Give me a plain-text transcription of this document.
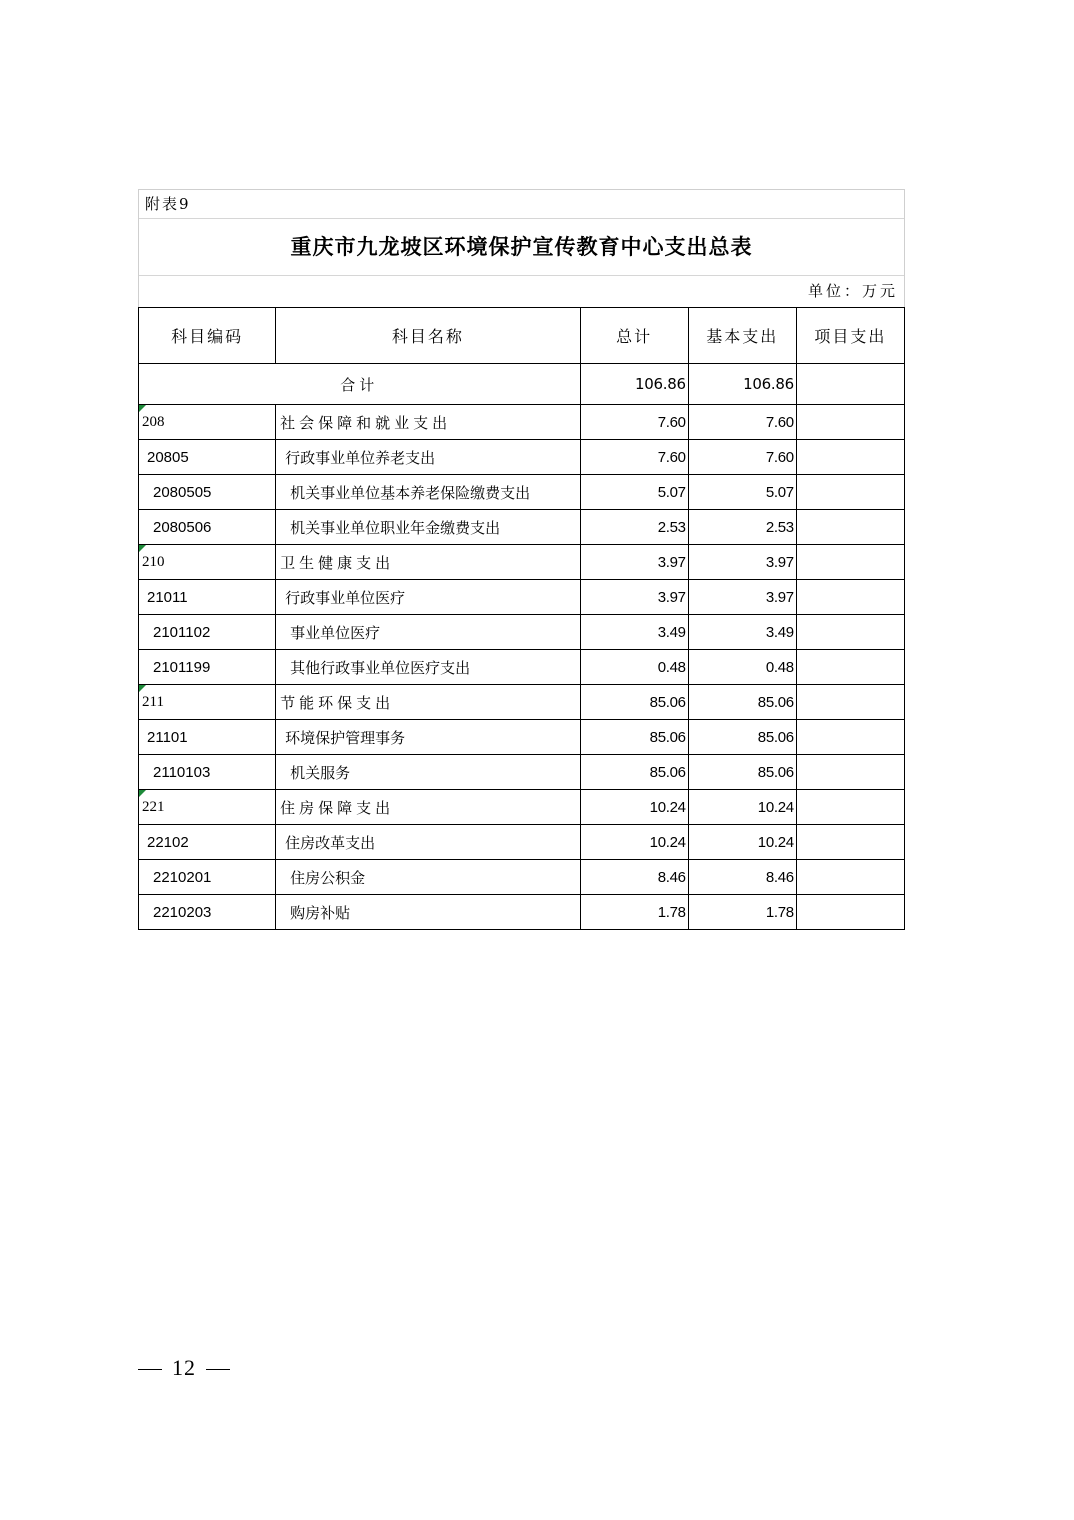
附表9
重庆市九龙坡区环境保护宣传教育中心支出总表
单位：万元
科目编码	科目名称	总计	基本支出	项目支出
合计		106.86	106.86	

208	社会保障和就业支出	7.60	7.60	
20805	行政事业单位养老支出	7.60	7.60	
2080505	机关事业单位基本养老保险缴费支出	5.07	5.07	
2080506	机关事业单位职业年金缴费支出	2.53	2.53	

210	卫生健康支出	3.97	3.97	
21011	行政事业单位医疗	3.97	3.97	
2101102	事业单位医疗	3.49	3.49	
2101199	其他行政事业单位医疗支出	0.48	0.48	

211	节能环保支出	85.06	85.06	
21101	环境保护管理事务	85.06	85.06	
2110103	机关服务	85.06	85.06	

221	住房保障支出	10.24	10.24	
22102	住房改革支出	10.24	10.24	
2210201	住房公积金	8.46	8.46	
2210203	购房补贴	1.78	1.78	
12
